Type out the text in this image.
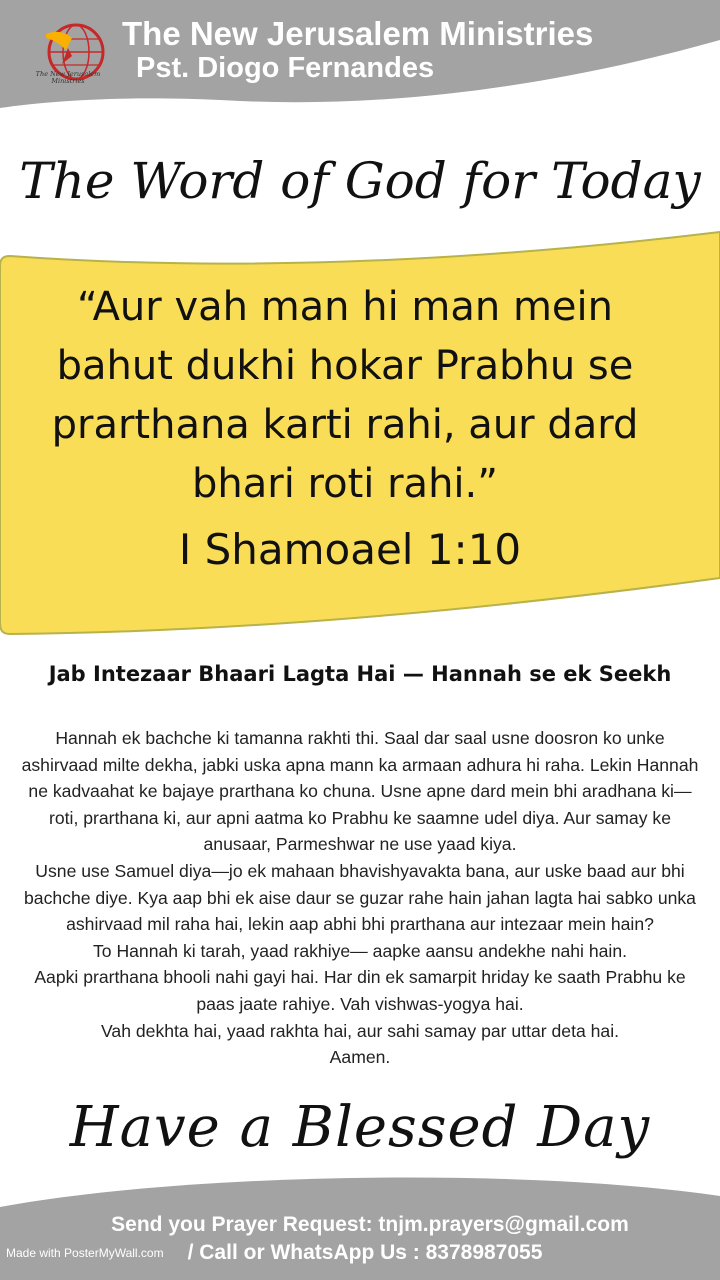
The New Jerusalem
Ministries
The New Jerusalem Ministries
Pst. Diogo Fernandes
The Word of God for Today
“Aur vah man hi man mein bahut dukhi hokar Prabhu se prarthana karti rahi, aur dard bhari roti rahi.”
I Shamoael 1:10
Jab Intezaar Bhaari Lagta Hai — Hannah se ek Seekh

Hannah ek bachche ki tamanna rakhti thi. Saal dar saal usne doosron ko unke ashirvaad milte dekha, jabki uska apna mann ka armaan adhura hi raha. Lekin Hannah ne kadvaahat ke bajaye prarthana ko chuna. Usne apne dard mein bhi aradhana ki—roti, prarthana ki, aur apni aatma ko Prabhu ke saamne udel diya. Aur samay ke anusaar, Parmeshwar ne use yaad kiya.

Usne use Samuel diya—jo ek mahaan bhavishyavakta bana, aur uske baad aur bhi bachche diye. Kya aap bhi ek aise daur se guzar rahe hain jahan lagta hai sabko unka ashirvaad mil raha hai, lekin aap abhi bhi prarthana aur intezaar mein hain?

To Hannah ki tarah, yaad rakhiye— aapke aansu andekhe nahi hain.

Aapki prarthana bhooli nahi gayi hai. Har din ek samarpit hriday ke saath Prabhu ke paas jaate rahiye. Vah vishwas-yogya hai.

Vah dekhta hai, yaad rakhta hai, aur sahi samay par uttar deta hai.

Aamen.

Have a Blessed Day
Send you Prayer Request: tnjm.prayers@gmail.com
/ Call or WhatsApp Us : 8378987055
Made with PosterMyWall.com
